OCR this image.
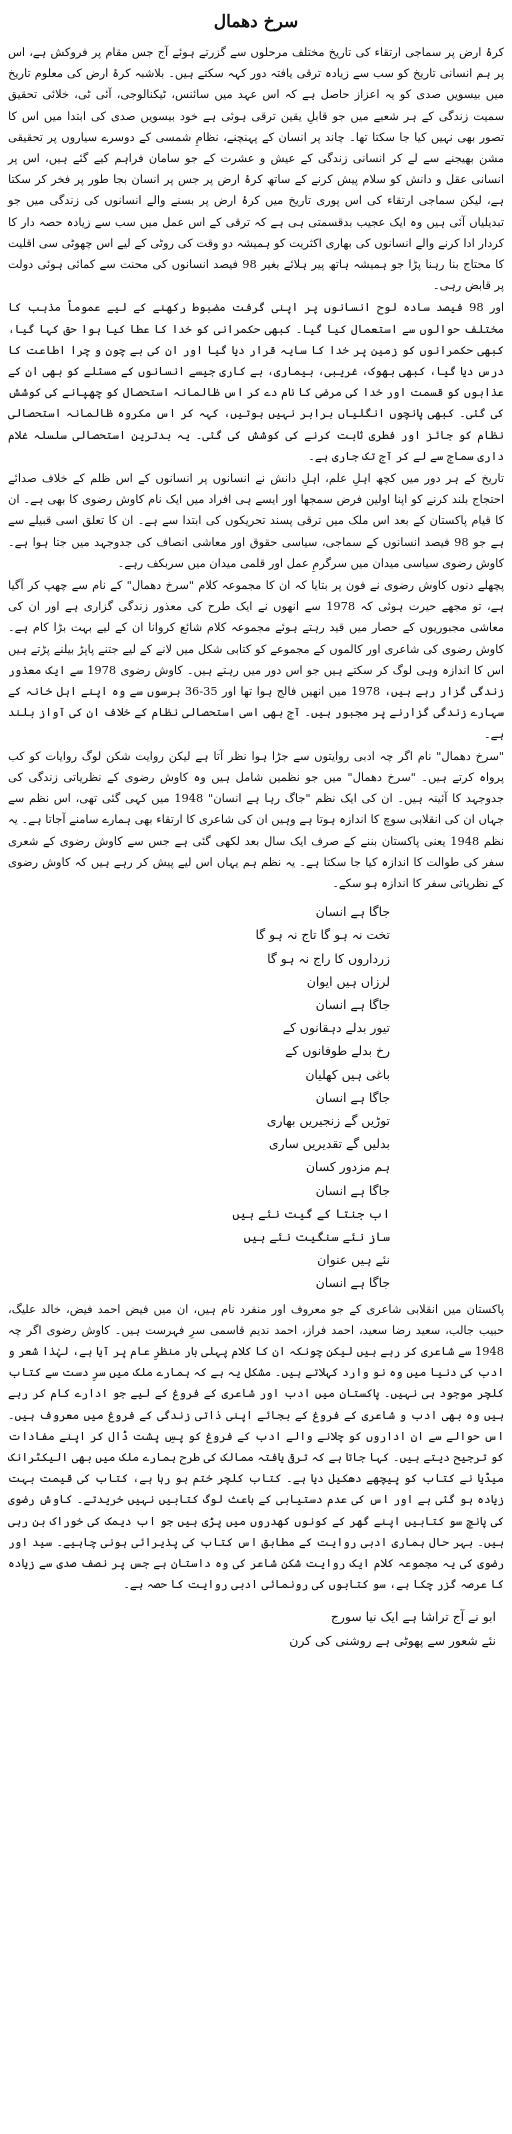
سرخ دھمال
کرۂ ارض پر سماجی ارتقاء کی تاریخ مختلف مرحلوں سے گزرتے ہوئے آج جس مقام پر فروکش ہے، اس پر ہم انسانی تاریخ کو سب سے زیادہ ترقی یافتہ دور کہہ سکتے ہیں۔ بلاشبہ کرۂ ارض کی معلوم تاریخ میں بیسویں صدی کو یہ اعزاز حاصل ہے کہ اس عہد میں سائنس، ٹیکنالوجی، آئی ٹی، خلائی تحقیق سمیت زندگی کے ہر شعبے میں جو قابلِ یقین ترقی ہوئی ہے خود بیسویں صدی کی ابتدا میں اس کا تصور بھی نہیں کیا جا سکتا تھا۔ چاند پر انسان کے پہنچنے، نظامِ شمسی کے دوسرے سیاروں پر تحقیقی مشن بھیجنے سے لے کر انسانی زندگی کے عیش و عشرت کے جو سامان فراہم کیے گئے ہیں، اس پر انسانی عقل و دانش کو سلام پیش کرنے کے ساتھ کرۂ ارض پر جس پر انسان بجا طور پر فخر کر سکتا ہے، لیکن سماجی ارتقاء کی اس پوری تاریخ میں کرۂ ارض پر بسنے والے انسانوں کی زندگی میں جو تبدیلیاں آئی ہیں وہ ایک عجیب بدقسمتی ہی ہے کہ ترقی کے اس عمل میں سب سے زیادہ حصہ دار کا کردار ادا کرنے والے انسانوں کی بھاری اکثریت کو ہمیشہ دو وقت کی روٹی کے لیے اس چھوٹی سی اقلیت کا محتاج بنا رہنا پڑا جو ہمیشہ ہاتھ پیر ہلائے بغیر 98 فیصد انسانوں کی محنت سے کمائی ہوئی دولت پر قابض رہی۔
اور 98 فیصد سادہ لوح انسانوں پر اپنی گرفت مضبوط رکھنے کے لیے عموماً مذہب کا مختلف حوالوں سے استعمال کیا گیا۔ کبھی حکمرانی کو خدا کا عطا کیا ہوا حق کہا گیا، کبھی حکمرانوں کو زمین پر خدا کا سایہ قرار دیا گیا اور ان کی بے چون و چرا اطاعت کا درس دیا گیا، کبھی بھوک، غریبی، بیماری، بے کاری جیسے انسانوں کے مسئلے کو بھی ان کے عذابوں کو قسمت اور خدا کی مرضی کا نام دے کر اس ظالمانہ استحصال کو چھپانے کی کوشش کی گئی۔ کبھی پانچوں انگلیاں برابر نہیں ہوتیں، کہہ کر اس مکروہ ظالمانہ استحصالی نظام کو جائز اور فطری ثابت کرنے کی کوشش کی گئی۔ یہ بدترین استحصالی سلسلہ غلام داری سماج سے لے کر آج تک جاری ہے۔
تاریخ کے ہر دور میں کچھ اہلِ علم، اہلِ دانش نے انسانوں پر انسانوں کے اس ظلم کے خلاف صدائے احتجاج بلند کرنے کو اپنا اولین فرض سمجھا اور ایسے ہی افراد میں ایک نام کاوش رضوی کا بھی ہے۔ ان کا قیام پاکستان کے بعد اس ملک میں ترقی پسند تحریکوں کی ابتدا سے ہے۔ ان کا تعلق اسی قبیلے سے ہے جو 98 فیصد انسانوں کے سماجی، سیاسی حقوق اور معاشی انصاف کی جدوجہد میں جتا ہوا ہے۔ کاوش رضوی سیاسی میدان میں سرگرمِ عمل اور قلمی میدان میں سربکف رہے۔
پچھلے دنوں کاوش رضوی نے فون پر بتایا کہ ان کا مجموعہ کلام "سرخ دھمال" کے نام سے چھپ کر آگیا ہے، تو مجھے حیرت ہوئی کہ 1978 سے انھوں نے ایک طرح کی معذور زندگی گزاری ہے اور ان کی معاشی مجبوریوں کے حصار میں قید رہتے ہوئے مجموعہ کلام شائع کروانا ان کے لیے بہت بڑا کام ہے۔ کاوش رضوی کی شاعری اور کالموں کے مجموعے کو کتابی شکل میں لانے کے لیے جتنے پاپڑ بیلنے پڑتے ہیں اس کا اندازہ وہی لوگ کر سکتے ہیں جو اس دور میں رہتے ہیں۔ کاوش رضوی 1978 سے ایک معذور زندگی گزار رہے ہیں، 1978 میں انھیں فالج ہوا تھا اور 35-36 برسوں سے وہ اپنے اہل خانہ کے سہارے زندگی گزارنے پر مجبور ہیں۔ آج بھی اسی استحصالی نظام کے خلاف ان کی آواز بلند ہے۔
"سرخ دھمال" نام اگر چہ ادبی روایتوں سے جڑا ہوا نظر آتا ہے لیکن روایت شکن لوگ روایات کو کب پرواہ کرتے ہیں۔ "سرخ دھمال" میں جو نظمیں شامل ہیں وہ کاوش رضوی کے نظریاتی زندگی کی جدوجہد کا آئینہ ہیں۔ ان کی ایک نظم "جاگ رہا ہے انسان" 1948 میں کہی گئی تھی، اس نظم سے جہاں ان کی انقلابی سوچ کا اندازہ ہوتا ہے وہیں ان کی شاعری کا ارتقاء بھی ہمارے سامنے آجاتا ہے۔ یہ نظم 1948 یعنی پاکستان بننے کے صرف ایک سال بعد لکھی گئی ہے جس سے کاوش رضوی کے شعری سفر کی طوالت کا اندازہ کیا جا سکتا ہے۔ یہ نظم ہم یہاں اس لیے پیش کر رہے ہیں کہ کاوش رضوی کے نظریاتی سفر کا اندازہ ہو سکے۔
جاگا ہے انسان
تخت نہ ہو گا تاج نہ ہو گا
زرداروں کا راج نہ ہو گا
لرزاں ہیں ایوان
جاگا ہے انسان
تیور بدلے دہقانوں کے
رخ بدلے طوفانوں کے
باغی ہیں کھلیان
جاگا ہے انسان
توڑیں گے زنجیریں بھاری
بدلیں گے تقدیریں ساری
ہم مزدور کسان
جاگا ہے انسان
اب جنتا کے گیت نئے ہیں
ساز نئے سنگیت نئے ہیں
نئے ہیں عنوان
جاگا ہے انسان
پاکستان میں انقلابی شاعری کے جو معروف اور منفرد نام ہیں، ان میں فیض احمد فیض، خالد علیگ، حبیب جالب، سعید رضا سعید، احمد فراز، احمد ندیم قاسمی سرِ فہرست ہیں۔ کاوش رضوی اگر چہ 1948 سے شاعری کر رہے ہیں لیکن چونکہ ان کا کلام پہلی بار منظرِ عام پر آیا ہے، لہٰذا شعر و ادب کی دنیا میں وہ نو وارد کہلاتے ہیں۔ مشکل یہ ہے کہ ہمارے ملک میں سرِ دست سے کتاب کلچر موجود ہی نہیں۔ پاکستان میں ادب اور شاعری کے فروغ کے لیے جو ادارے کام کر رہے ہیں وہ بھی ادب و شاعری کے فروغ کے بجائے اپنی ذاتی زندگی کے فروغ میں معروف ہیں۔ اس حوالے سے ان اداروں کو چلانے والے ادب کے فروغ کو پسِ پشت ڈال کر اپنے مفادات کو ترجیح دیتے ہیں۔ کہا جاتا ہے کہ ترقی یافتہ ممالک کی طرح ہمارے ملک میں بھی الیکٹرانک میڈیا نے کتاب کو پیچھے دھکیل دیا ہے۔ کتاب کلچر ختم ہو رہا ہے، کتاب کی قیمت بہت زیادہ ہو گئی ہے اور اس کی عدم دستیابی کے باعث لوگ کتابیں نہیں خریدتے۔ کاوش رضوی کی پانچ سو کتابیں اپنے گھر کے کونوں کھدروں میں پڑی ہیں جو اب دیمک کی خوراک بن رہی ہیں۔ بہر حال ہماری ادبی روایت کے مطابق اس کتاب کی پذیرائی ہونی چاہیے۔ سید اور رضوی کی یہ مجموعہ کلام ایک روایت شکن شاعر کی وہ داستان ہے جس پر نصف صدی سے زیادہ کا عرصہ گزر چکا ہے، سو کتابوں کی رونمائی ادبی روایت کا حصہ ہے۔
ابو نے آج تراشا ہے ایک نیا سورج
نئے شعور سے پھوٹی ہے روشنی کی کرن
